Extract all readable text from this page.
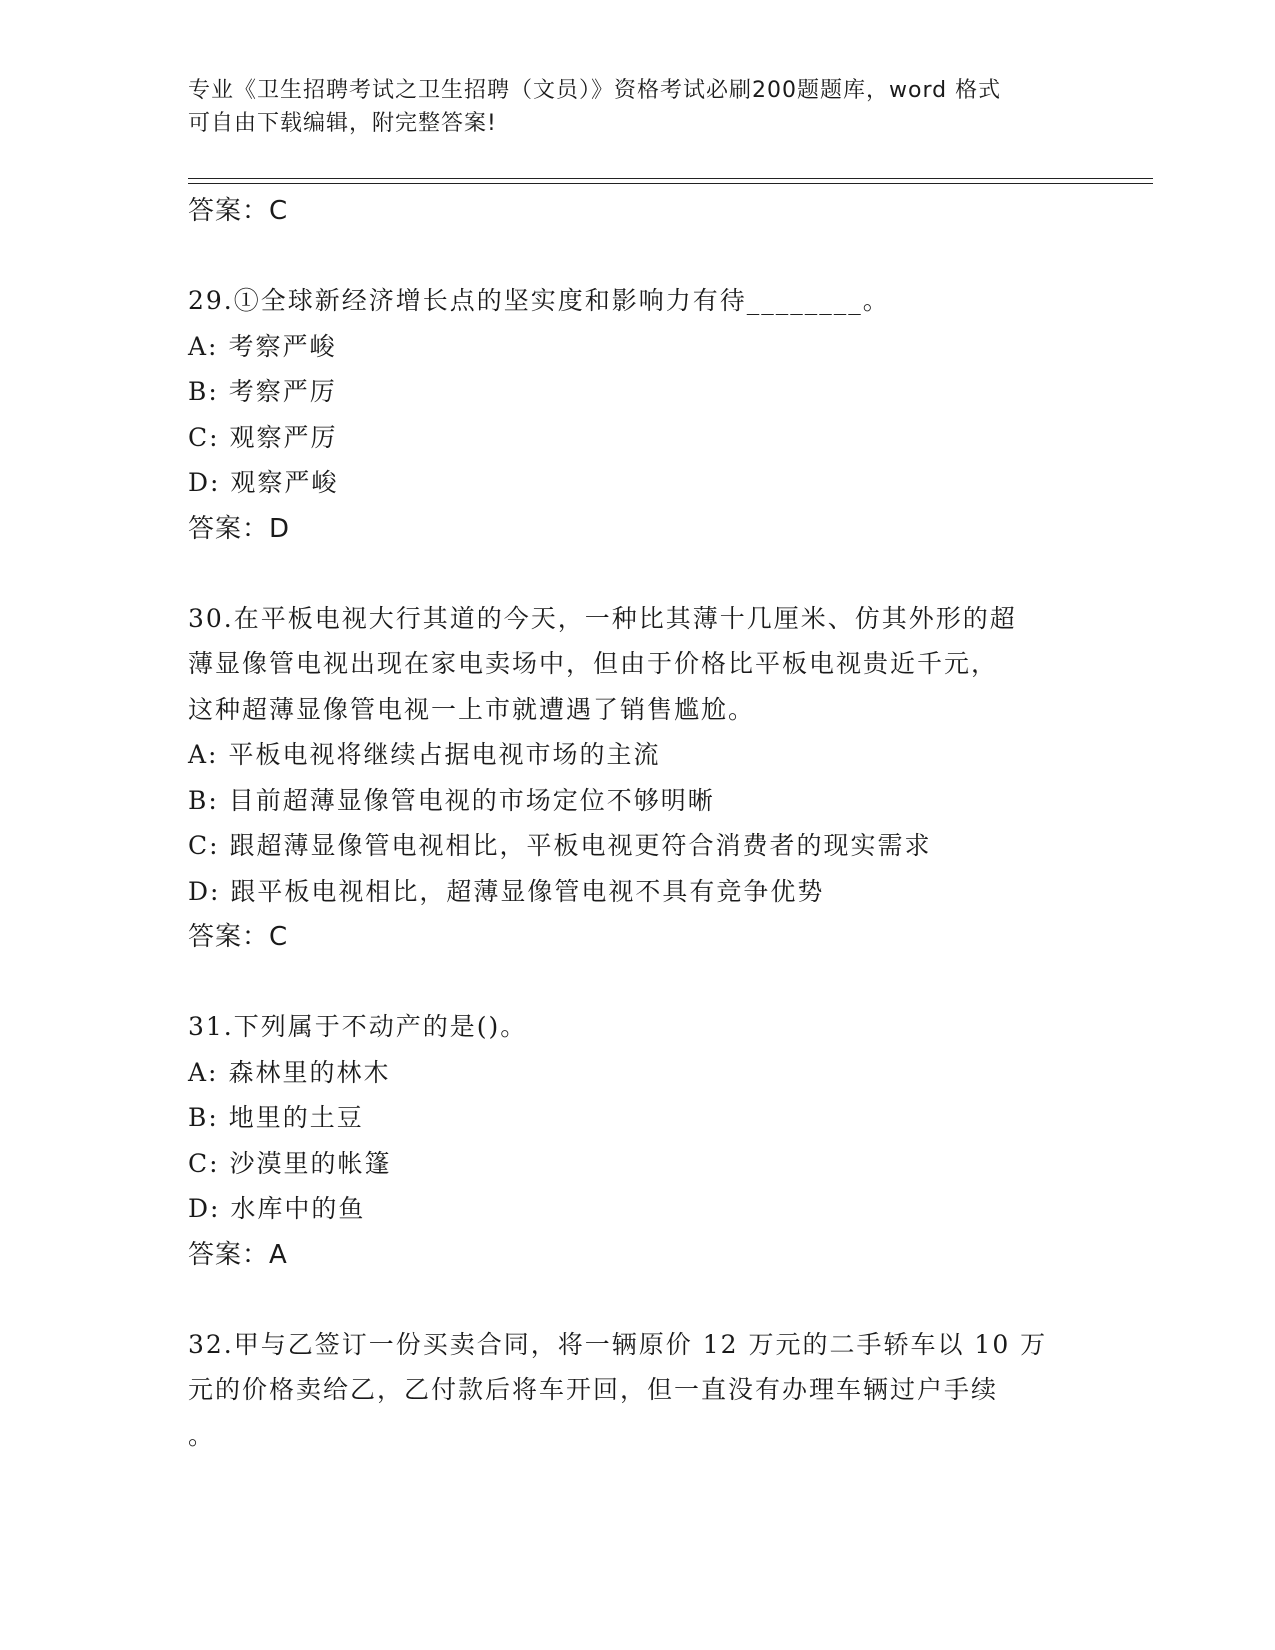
专业《卫生招聘考试之卫生招聘（文员）》资格考试必刷200题题库，word 格式
可自由下载编辑，附完整答案!
答案：C
29.①全球新经济增长点的坚实度和影响力有待________。
A: 考察严峻
B: 考察严厉
C: 观察严厉
D: 观察严峻
答案：D
30.在平板电视大行其道的今天，一种比其薄十几厘米、仿其外形的超
薄显像管电视出现在家电卖场中，但由于价格比平板电视贵近千元，
这种超薄显像管电视一上市就遭遇了销售尴尬。
A: 平板电视将继续占据电视市场的主流
B: 目前超薄显像管电视的市场定位不够明晰
C: 跟超薄显像管电视相比，平板电视更符合消费者的现实需求
D: 跟平板电视相比，超薄显像管电视不具有竞争优势
答案：C
31.下列属于不动产的是()。
A: 森林里的林木
B: 地里的土豆
C: 沙漠里的帐篷
D: 水库中的鱼
答案：A
32.甲与乙签订一份买卖合同，将一辆原价 12 万元的二手轿车以 10 万
元的价格卖给乙，乙付款后将车开回，但一直没有办理车辆过户手续
。
